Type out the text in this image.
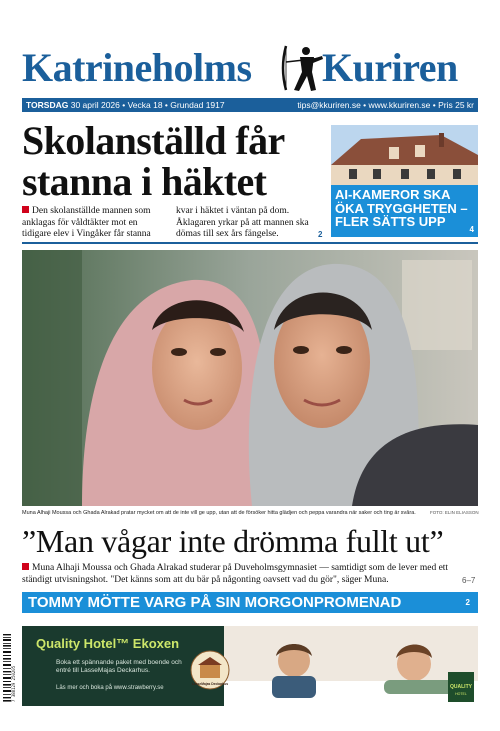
Katrineholms Kuriren
TORSDAG 30 april 2026 • Vecka 18 • Grundad 1917	tips@kkuriren.se • www.kkuriren.se • Pris 25 kr
Skolanställd får stanna i häktet
Den skolanställde mannen som anklagas för våldtäkter mot en tidigare elev i Vingåker får stanna
kvar i häktet i väntan på dom. Åklagaren yrkar på att mannen ska dömas till sex års fängelse.	2
AI-KAMEROR SKA ÖKA TRYGGHETEN – FLER SÄTTS UPP
4
Muna Alhaji Moussa och Ghada Alrakad pratar mycket om att de inte vill ge upp, utan att de försöker hitta glädjen och peppa varandra när saker och ting är svåra.	FOTO: ELIN ELIASSON
”Man vågar inte drömma fullt ut”
Muna Alhaji Moussa och Ghada Alrakad studerar på Duveholmsgymnasiet — samtidigt som de lever med ett ständigt utvisningshot. "Det känns som att du bär på någonting oavsett vad du gör", säger Muna.	6–7
TOMMY MÖTTE VARG PÅ SIN MORGONPROMENAD	2
7 388129 250205
Quality Hotel™ Ekoxen
Boka ett spännande paket med boende och entré till LasseMajas Deckarhus.
Läs mer och boka på www.strawberry.se	QUALITY
HOTEL
LasseMajas Deckarhus
